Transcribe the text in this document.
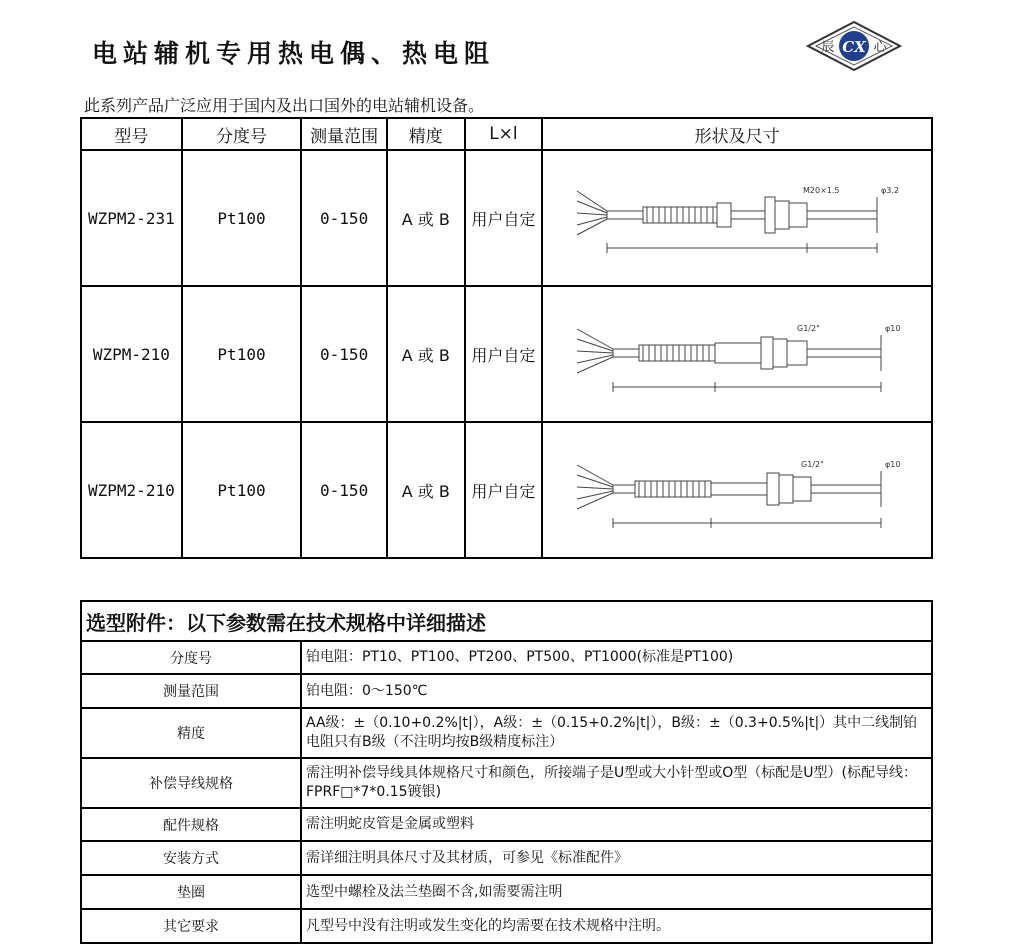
电站辅机专用热电偶、热电阻	CX
辰	心
此系列产品广泛应用于国内及出口国外的电站辅机设备。
型号	分度号	测量范围	精度	L×l	形状及尺寸
WZPM2-231	Pt100	0-150	A 或 B	用户自定	M20×1.5 φ3.2

WZPM-210	Pt100	0-150	A 或 B	用户自定	G1/2" φ10

WZPM2-210	Pt100	0-150	A 或 B	用户自定	G1/2" φ10
选型附件：以下参数需在技术规格中详细描述	
分度号	铂电阻：PT10、PT100、PT200、PT500、PT1000(标准是PT100)
测量范围	铂电阻：0～150℃
精度	AA级：±（0.10+0.2%|t|），A级：±（0.15+0.2%|t|），B级：±（0.3+0.5%|t|）其中二线制铂电阻只有B级（不注明均按B级精度标注）
补偿导线规格	需注明补偿导线具体规格尺寸和颜色，所接端子是U型或大小针型或O型（标配是U型）(标配导线：FPRF□*7*0.15镀银)
配件规格	需注明蛇皮管是金属或塑料
安装方式	需详细注明具体尺寸及其材质，可参见《标准配件》
垫圈	选型中螺栓及法兰垫圈不含,如需要需注明
其它要求	凡型号中没有注明或发生变化的均需要在技术规格中注明。
